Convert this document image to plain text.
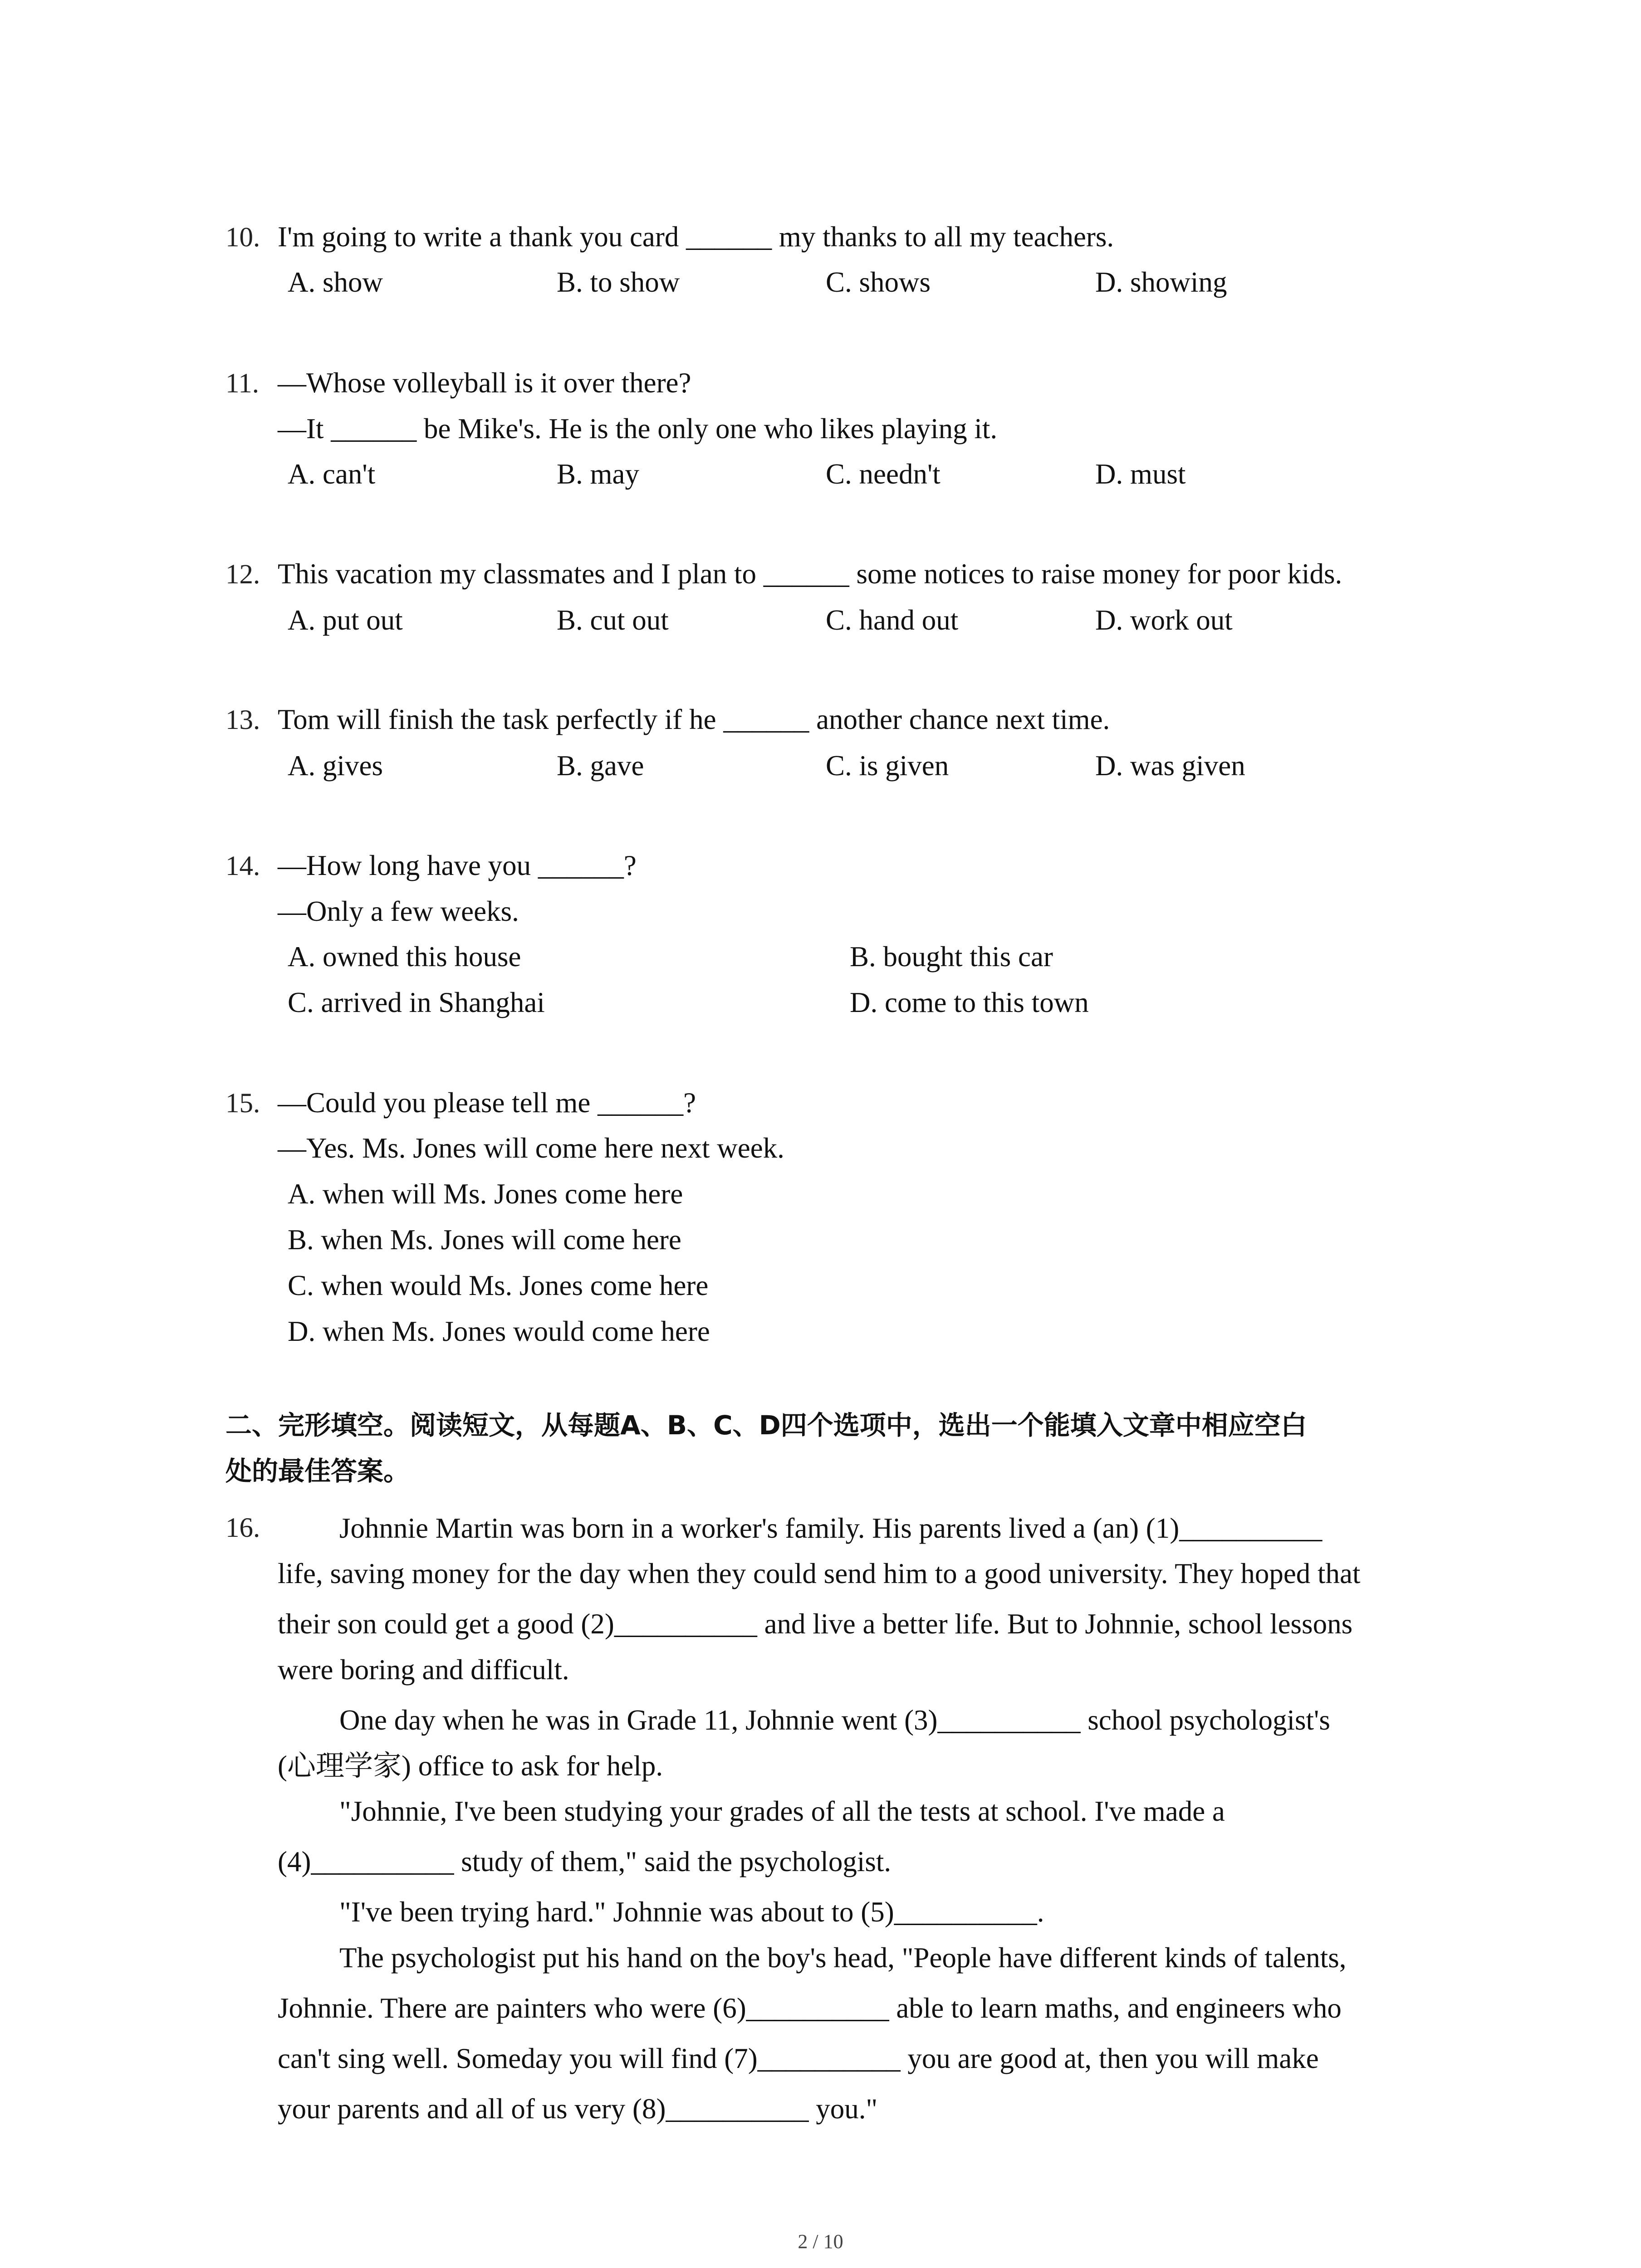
10. I'm going to write a thank you card ______ my thanks to all my teachers.
A. show	B. to show	C. shows	D. showing
11. —Whose volleyball is it over there?
—It ______ be Mike's. He is the only one who likes playing it.
A. can't	B. may	C. needn't	D. must
12. This vacation my classmates and I plan to ______ some notices to raise money for poor kids.
A. put out	B. cut out	C. hand out	D. work out
13. Tom will finish the task perfectly if he ______ another chance next time.
A. gives	B. gave	C. is given	D. was given
14. —How long have you ______?
—Only a few weeks.
A. owned this house	B. bought this car
C. arrived in Shanghai	D. come to this town
15. —Could you please tell me ______?
—Yes. Ms. Jones will come here next week.
A. when will Ms. Jones come here
B. when Ms. Jones will come here
C. when would Ms. Jones come here
D. when Ms. Jones would come here
二、完形填空。阅读短文，从每题A、B、C、D四个选项中，选出一个能填入文章中相应空白
处的最佳答案。
16.	Johnnie Martin was born in a worker's family. His parents lived a (an) (1)__________
life, saving money for the day when they could send him to a good university. They hoped that
their son could get a good (2)__________ and live a better life. But to Johnnie, school lessons
were boring and difficult.
One day when he was in Grade 11, Johnnie went (3)__________ school psychologist's
(心理学家) office to ask for help.
"Johnnie, I've been studying your grades of all the tests at school. I've made a
(4)__________ study of them," said the psychologist.
"I've been trying hard." Johnnie was about to (5)__________.
The psychologist put his hand on the boy's head, "People have different kinds of talents,
Johnnie. There are painters who were (6)__________ able to learn maths, and engineers who
can't sing well. Someday you will find (7)__________ you are good at, then you will make
your parents and all of us very (8)__________ you."
2 / 10
